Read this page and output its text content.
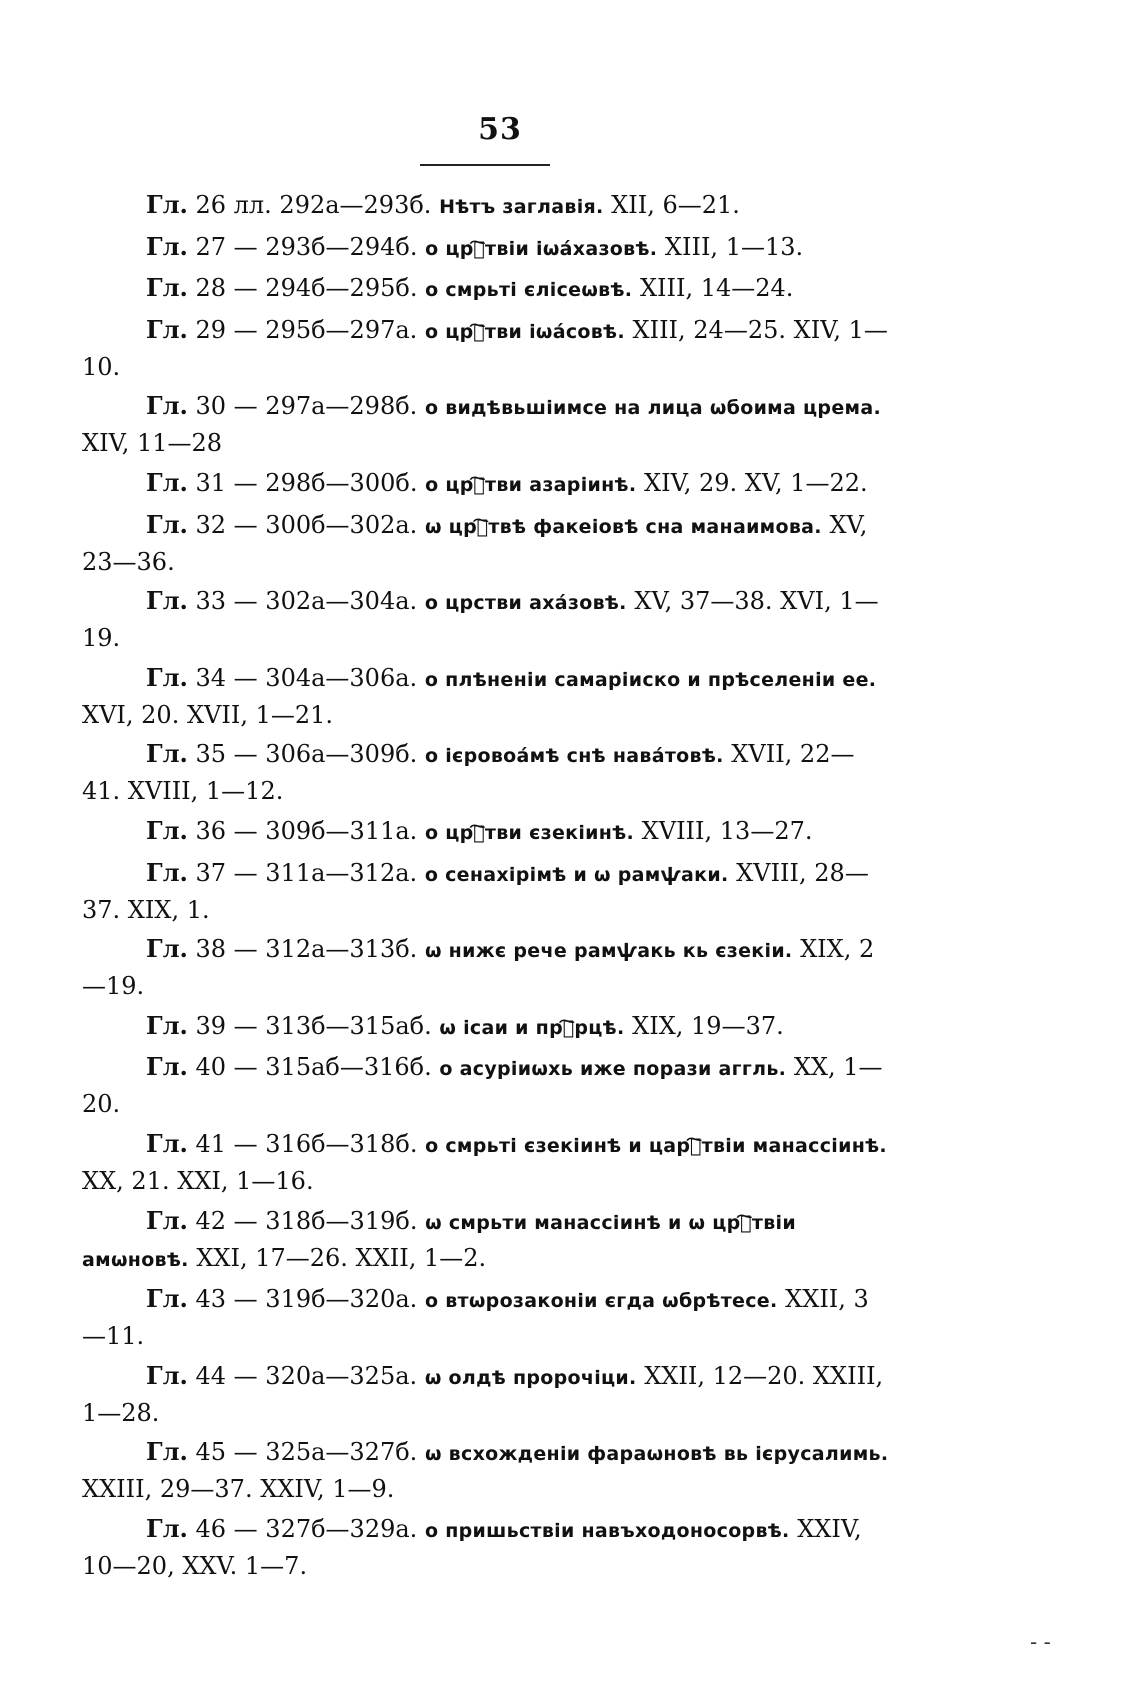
53

Гл. 26 лл. 292а—293б. Нѣтъ заглавія. XII, 6—21.

Гл. 27 — 293б—294б. о црⷭ҇твіи іѡа́хазовѣ. XIII, 1—13.

Гл. 28 — 294б—295б. о смрьті єлісеѡвѣ. XIII, 14—24.

Гл. 29 — 295б—297а. о црⷭ҇тви іѡа́совѣ. XIII, 24—25. XIV, 1—10.

Гл. 30 — 297а—298б. о видѣвьшіимсе на лица ѡбоима цремa. XIV, 11—28

Гл. 31 — 298б—300б. о црⷭ҇тви азаріинѣ. XIV, 29. XV, 1—22.

Гл. 32 — 300б—302а. ѡ црⷭ҇твѣ факеіовѣ сна манаимова. XV, 23—36.

Гл. 33 — 302а—304а. о црстви аха́зовѣ. XV, 37—38. XVI, 1—19.

Гл. 34 — 304а—306а. о плѣненіи самаріиско и прѣселеніи ее. XVI, 20. XVII, 1—21.

Гл. 35 — 306а—309б. о ієровоа́мѣ снѣ нава́товѣ. XVII, 22—41. XVIII, 1—12.

Гл. 36 — 309б—311а. о црⷭ҇тви єзекіинѣ. XVIII, 13—27.

Гл. 37 — 311а—312а. о сенахірімѣ и ѡ рамѱаки. XVIII, 28—37. XIX, 1.

Гл. 38 — 312а—313б. ѡ нижє рече рамѱакь кь єзекіи. XIX, 2—19.

Гл. 39 — 313б—315аб. ѡ ісаи и прⷪ҇рцѣ. XIX, 19—37.

Гл. 40 — 315аб—316б. о асуріиѡхь иже порази аггль. XX, 1—20.

Гл. 41 — 316б—318б. о смрьті єзекіинѣ и царⷭ҇твіи манассіинѣ. XX, 21. XXI, 1—16.

Гл. 42 — 318б—319б. ѡ смрьти манассіинѣ и ѡ црⷭ҇твіи амѡновѣ. XXI, 17—26. XXII, 1—2.

Гл. 43 — 319б—320а. о втѡрозаконіи єгда ѡбрѣтесе. XXII, 3—11.

Гл. 44 — 320а—325а. ѡ олдѣ пророчіци. XXII, 12—20. XXIII, 1—28.

Гл. 45 — 325а—327б. ѡ всхожденіи фараѡновѣ вь ієрусалимь. XXIII, 29—37. XXIV, 1—9.

Гл. 46 — 327б—329а. о пришьствіи навъходоносорвѣ. XXIV, 10—20, XXV. 1—7.

- -
